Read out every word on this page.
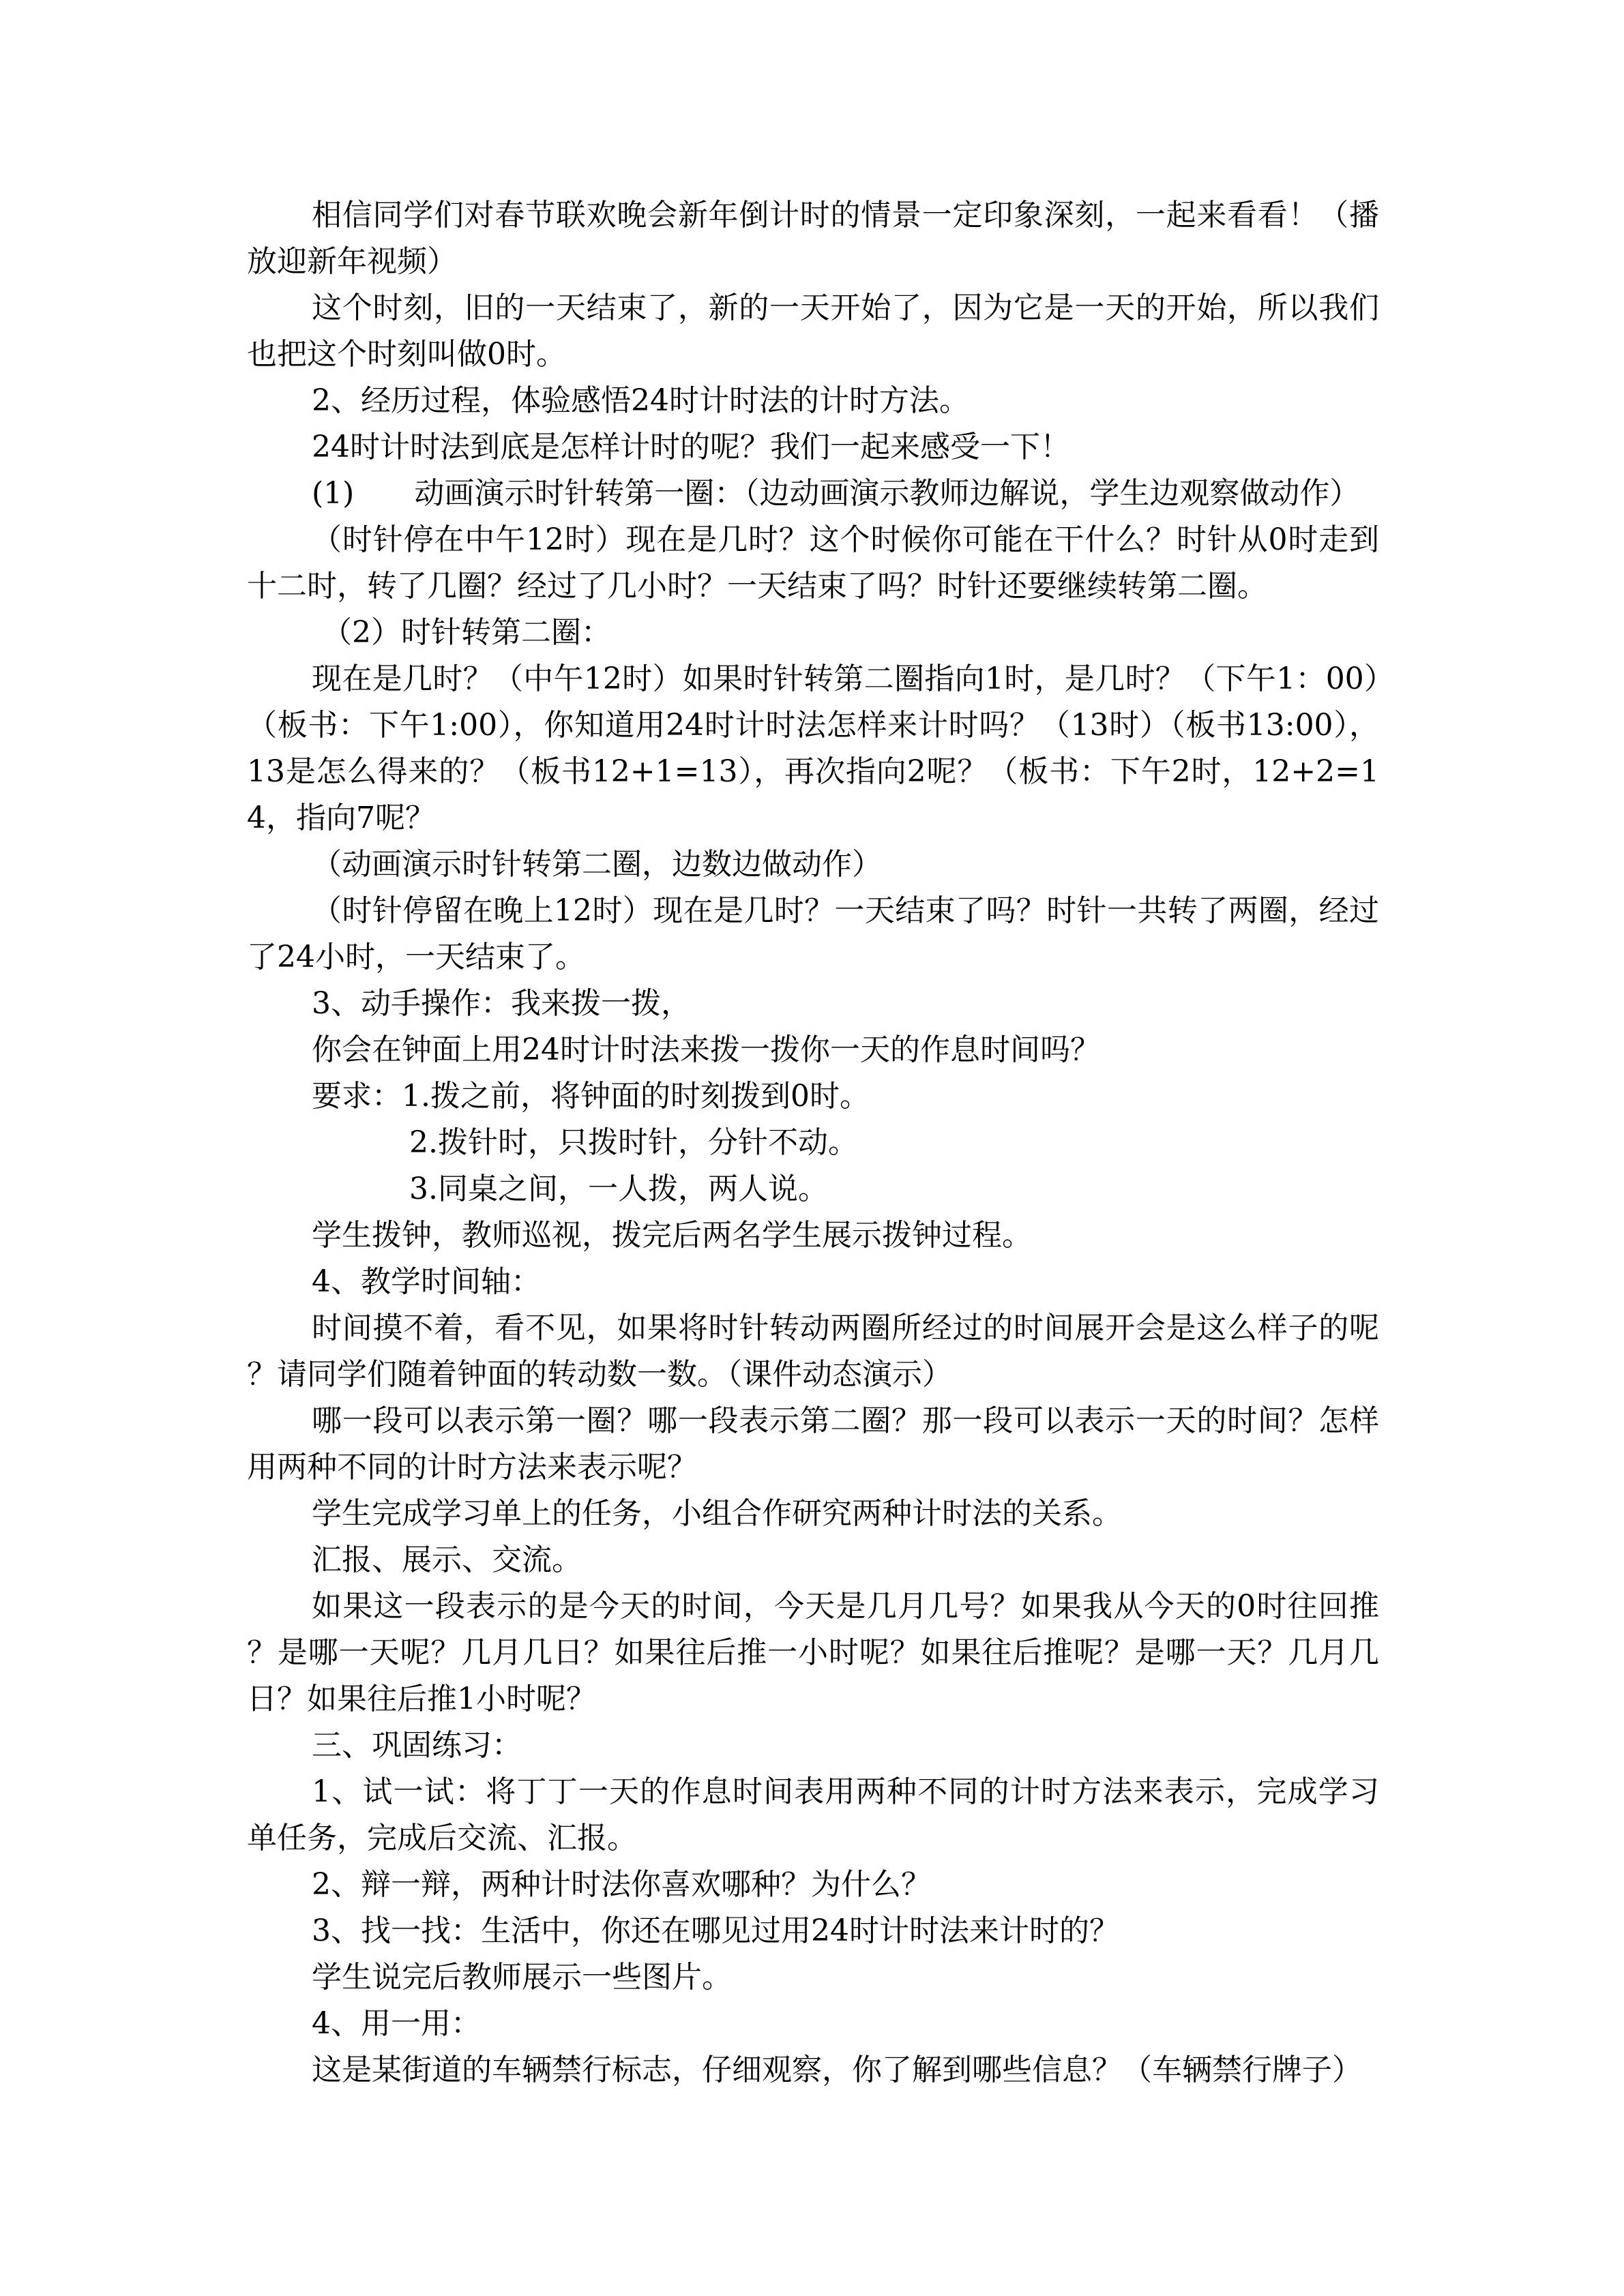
相信同学们对春节联欢晚会新年倒计时的情景一定印象深刻，一起来看看！（播放迎新年视频）

这个时刻，旧的一天结束了，新的一天开始了，因为它是一天的开始，所以我们也把这个时刻叫做0时。

2、经历过程，体验感悟24时计时法的计时方法。

24时计时法到底是怎样计时的呢？我们一起来感受一下！

(1)　　动画演示时针转第一圈：（边动画演示教师边解说，学生边观察做动作）

（时针停在中午12时）现在是几时？这个时候你可能在干什么？时针从0时走到十二时，转了几圈？经过了几小时？一天结束了吗？时针还要继续转第二圈。

（2）时针转第二圈：

现在是几时？（中午12时）如果时针转第二圈指向1时，是几时？（下午1：00）（板书：下午1:00），你知道用24时计时法怎样来计时吗？（13时）（板书13:00），13是怎么得来的？（板书12+1=13），再次指向2呢？（板书：下午2时，12+2=14，指向7呢？

（动画演示时针转第二圈，边数边做动作）

（时针停留在晚上12时）现在是几时？一天结束了吗？时针一共转了两圈，经过了24小时，一天结束了。

3、动手操作：我来拨一拨，

你会在钟面上用24时计时法来拨一拨你一天的作息时间吗？

要求：1.拨之前，将钟面的时刻拨到0时。

2.拨针时，只拨时针，分针不动。

3.同桌之间，一人拨，两人说。

学生拨钟，教师巡视，拨完后两名学生展示拨钟过程。

4、教学时间轴：

时间摸不着，看不见，如果将时针转动两圈所经过的时间展开会是这么样子的呢？请同学们随着钟面的转动数一数。（课件动态演示）

哪一段可以表示第一圈？哪一段表示第二圈？那一段可以表示一天的时间？怎样用两种不同的计时方法来表示呢？

学生完成学习单上的任务，小组合作研究两种计时法的关系。

汇报、展示、交流。

如果这一段表示的是今天的时间，今天是几月几号？如果我从今天的0时往回推？是哪一天呢？几月几日？如果往后推一小时呢？如果往后推呢？是哪一天？几月几日？如果往后推1小时呢？

三、巩固练习：

1、试一试：将丁丁一天的作息时间表用两种不同的计时方法来表示，完成学习单任务，完成后交流、汇报。

2、辩一辩，两种计时法你喜欢哪种？为什么？

3、找一找：生活中，你还在哪见过用24时计时法来计时的？

学生说完后教师展示一些图片。

4、用一用：

这是某街道的车辆禁行标志，仔细观察，你了解到哪些信息？（车辆禁行牌子）
